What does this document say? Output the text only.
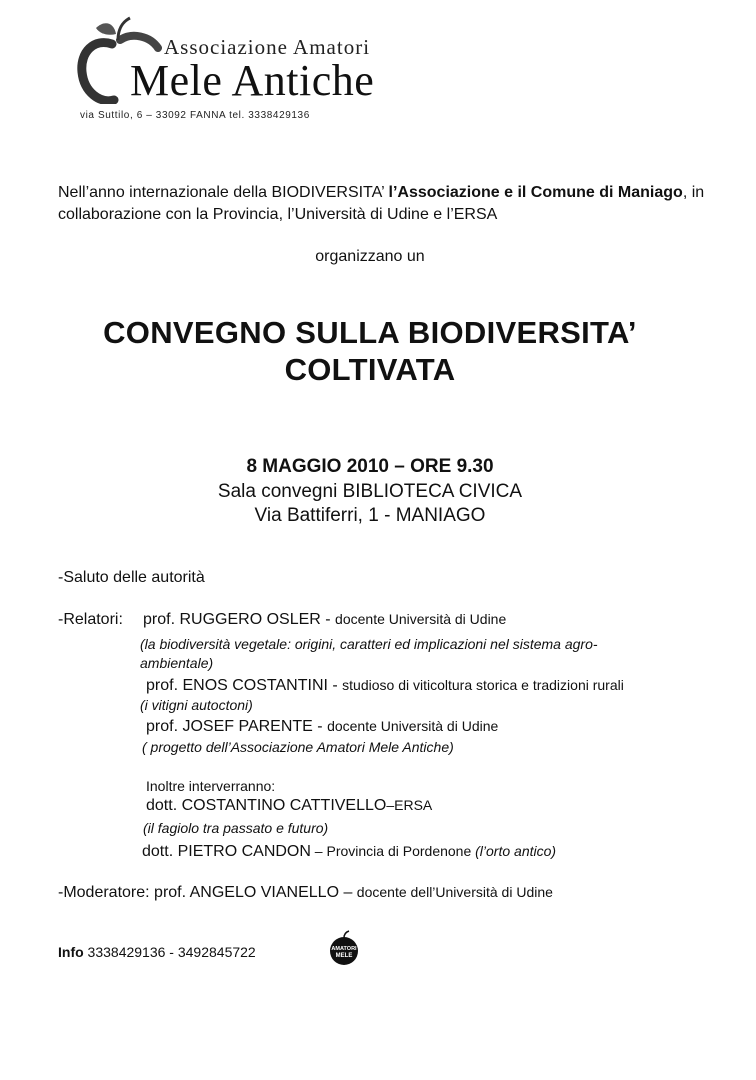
Associazione Amatori
Mele Antiche
via Suttilo, 6 – 33092 FANNA tel. 3338429136
Nell’anno internazionale della BIODIVERSITA’ l’Associazione e il Comune di Maniago, in collaborazione con la Provincia, l’Università di Udine e l’ERSA
organizzano un
CONVEGNO SULLA BIODIVERSITA’
COLTIVATA
8 MAGGIO 2010 – ORE 9.30
Sala convegni BIBLIOTECA CIVICA
Via Battiferri, 1 - MANIAGO
-Saluto delle autorità
-Relatori: prof. RUGGERO OSLER - docente Università di Udine
(la biodiversità vegetale: origini, caratteri ed implicazioni nel sistema agro-
ambientale)
prof. ENOS COSTANTINI - studioso di viticoltura storica e tradizioni rurali
(i vitigni autoctoni)
prof. JOSEF PARENTE - docente Università di Udine
( progetto dell’Associazione Amatori Mele Antiche)
Inoltre interverranno:
dott. COSTANTINO CATTIVELLO–ERSA
(il fagiolo tra passato e futuro)
dott. PIETRO CANDON – Provincia di Pordenone (l’orto antico)
-Moderatore: prof. ANGELO VIANELLO – docente dell’Università di Udine
Info 3338429136 - 3492845722	AMATORI
MELE
